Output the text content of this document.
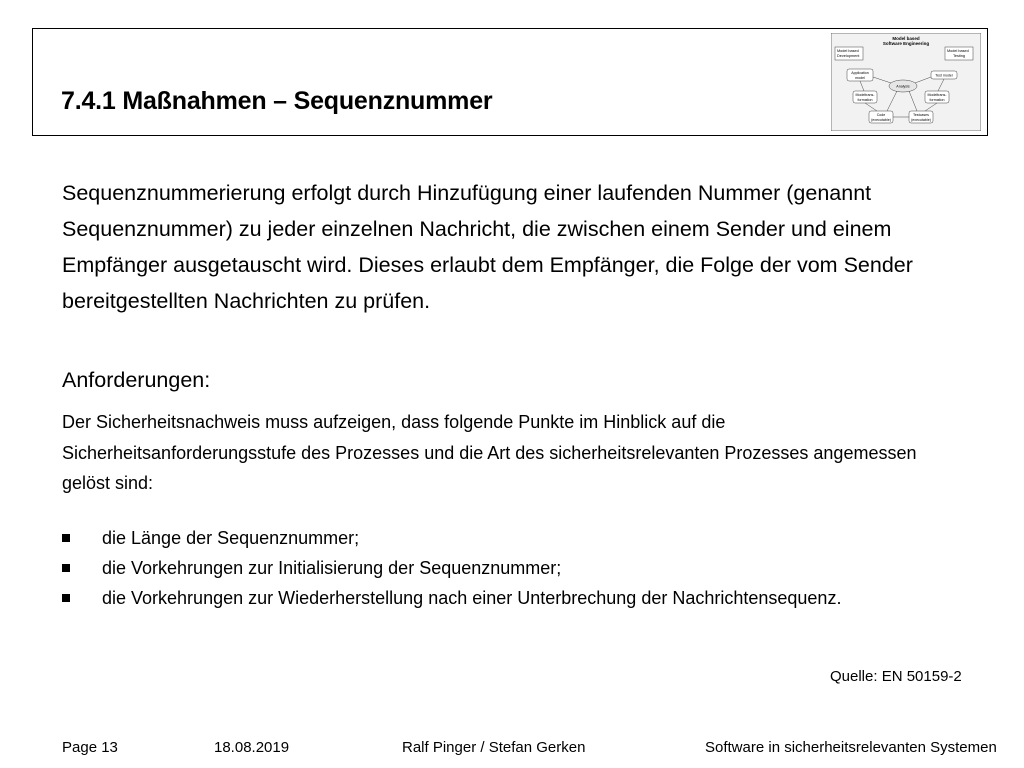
7.4.1 Maßnahmen – Sequenznummer
Model based
Software Engineering
Model based
Development
Model based
Testing
Application
model
Test model
Analysis
Modeltrans-
formation
Modeltrans-
formation
Code
(executable)
Testcases
(executable)

Sequenznummerierung erfolgt durch Hinzufügung einer laufenden Nummer (genannt Sequenznummer) zu jeder einzelnen Nachricht, die zwischen einem Sender und einem Empfänger ausgetauscht wird. Dieses erlaubt dem Empfänger, die Folge der vom Sender bereitgestellten Nachrichten zu prüfen.

Anforderungen:

Der Sicherheitsnachweis muss aufzeigen, dass folgende Punkte im Hinblick auf die Sicherheitsanforderungsstufe des Prozesses und die Art des sicherheitsrelevanten Prozesses angemessen gelöst sind:

die Länge der Sequenznummer;
die Vorkehrungen zur Initialisierung der Sequenznummer;
die Vorkehrungen zur Wiederherstellung nach einer Unterbrechung der Nachrichtensequenz.
Quelle: EN 50159-2
Page 13	18.08.2019	Ralf Pinger / Stefan Gerken	Software in sicherheitsrelevanten Systemen
